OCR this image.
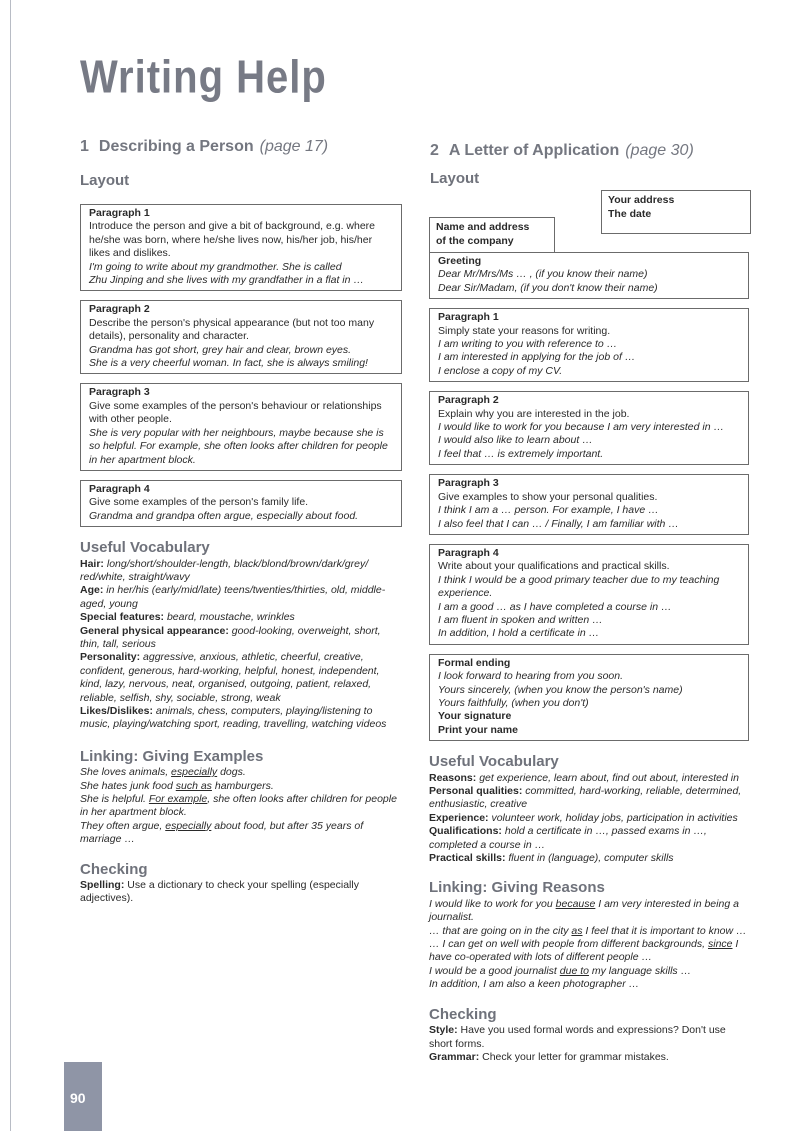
Writing Help
1 Describing a Person (page 17)
Layout
Paragraph 1
Introduce the person and give a bit of background, e.g. where he/she was born, where he/she lives now, his/her job, his/her likes and dislikes.
I'm going to write about my grandmother. She is called
Zhu Jinping and she lives with my grandfather in a flat in …
Paragraph 2
Describe the person's physical appearance (but not too many details), personality and character.
Grandma has got short, grey hair and clear, brown eyes.
She is a very cheerful woman. In fact, she is always smiling!
Paragraph 3
Give some examples of the person's behaviour or relationships with other people.
She is very popular with her neighbours, maybe because she is so helpful. For example, she often looks after children for people in her apartment block.
Paragraph 4
Give some examples of the person's family life.
Grandma and grandpa often argue, especially about food.
Useful Vocabulary

Hair: long/short/shoulder-length, black/blond/brown/dark/grey/ red/white, straight/wavy

Age: in her/his (early/mid/late) teens/twenties/thirties, old, middle-aged, young

Special features: beard, moustache, wrinkles

General physical appearance: good-looking, overweight, short, thin, tall, serious

Personality: aggressive, anxious, athletic, cheerful, creative, confident, generous, hard-working, helpful, honest, independent, kind, lazy, nervous, neat, organised, outgoing, patient, relaxed, reliable, selfish, shy, sociable, strong, weak

Likes/Dislikes: animals, chess, computers, playing/listening to music, playing/watching sport, reading, travelling, watching videos

Linking: Giving Examples
She loves animals, especially dogs.
She hates junk food such as hamburgers.
She is helpful. For example, she often looks after children for people in her apartment block.
They often argue, especially about food, but after 35 years of marriage …
Checking

Spelling: Use a dictionary to check your spelling (especially adjectives).

2 A Letter of Application (page 30)
Layout
Your address
The date
Name and address
of the company
Greeting
Dear Mr/Mrs/Ms … , (if you know their name)
Dear Sir/Madam, (if you don't know their name)
Paragraph 1
Simply state your reasons for writing.
I am writing to you with reference to …
I am interested in applying for the job of …
I enclose a copy of my CV.
Paragraph 2
Explain why you are interested in the job.
I would like to work for you because I am very interested in …
I would also like to learn about …
I feel that … is extremely important.
Paragraph 3
Give examples to show your personal qualities.
I think I am a … person. For example, I have …
I also feel that I can … / Finally, I am familiar with …
Paragraph 4
Write about your qualifications and practical skills.
I think I would be a good primary teacher due to my teaching experience.
I am a good … as I have completed a course in …
I am fluent in spoken and written …
In addition, I hold a certificate in …
Formal ending
I look forward to hearing from you soon.
Yours sincerely, (when you know the person's name)
Yours faithfully, (when you don't)
Your signature
Print your name
Useful Vocabulary

Reasons: get experience, learn about, find out about, interested in

Personal qualities: committed, hard-working, reliable, determined, enthusiastic, creative

Experience: volunteer work, holiday jobs, participation in activities

Qualifications: hold a certificate in …, passed exams in …, completed a course in …

Practical skills: fluent in (language), computer skills

Linking: Giving Reasons
I would like to work for you because I am very interested in being a journalist.
… that are going on in the city as I feel that it is important to know …
… I can get on well with people from different backgrounds, since I have co-operated with lots of different people …
I would be a good journalist due to my language skills …
In addition, I am also a keen photographer …
Checking

Style: Have you used formal words and expressions? Don't use short forms.

Grammar: Check your letter for grammar mistakes.

90
